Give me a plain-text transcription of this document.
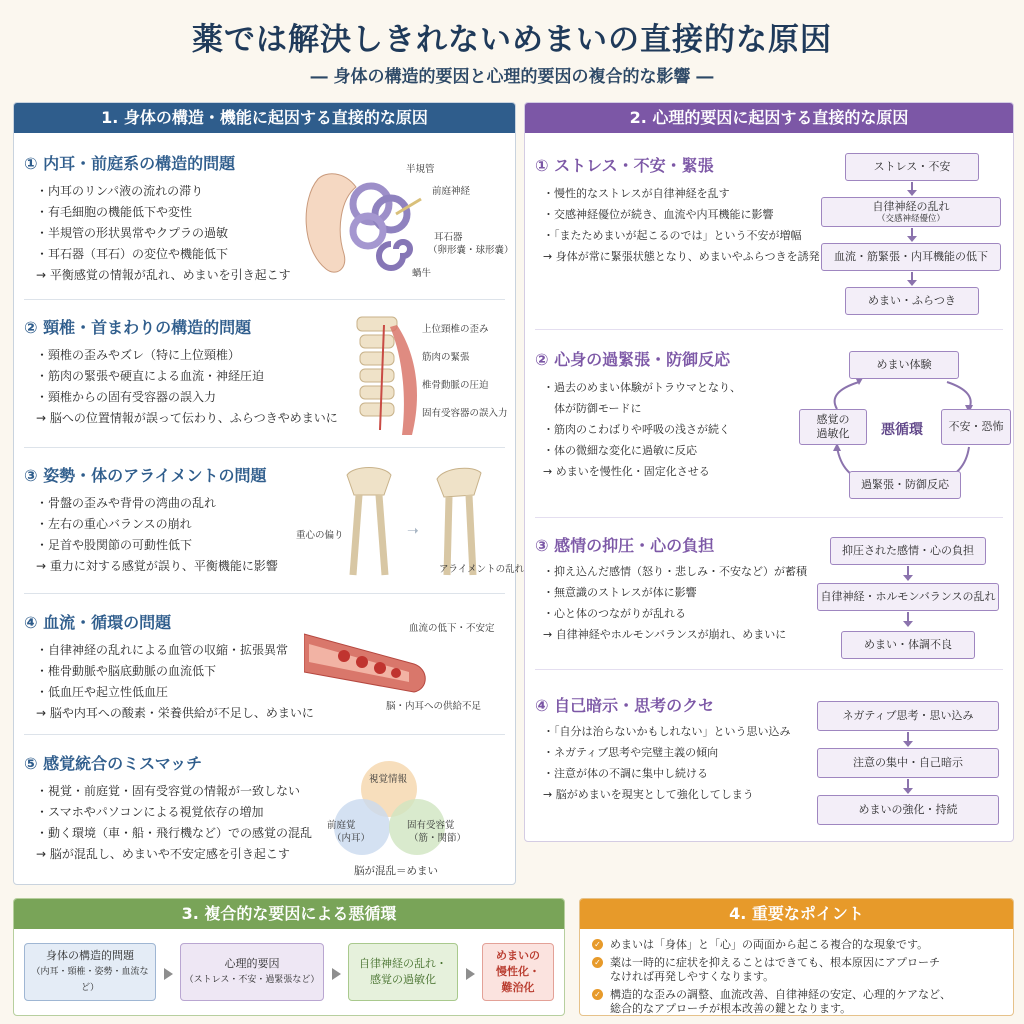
薬では解決しきれないめまいの直接的な原因
― 身体の構造的要因と心理的要因の複合的な影響 ―
1. 身体の構造・機能に起因する直接的な原因
① 内耳・前庭系の構造的問題
・内耳のリンパ液の流れの滞り
・有毛細胞の機能低下や変性
・半規管の形状異常やクプラの過敏
・耳石器（耳石）の変位や機能低下
→ 平衡感覚の情報が乱れ、めまいを引き起こす
半規管
前庭神経
耳石器
（卵形嚢・球形嚢）
蝸牛
② 頸椎・首まわりの構造的問題
・頸椎の歪みやズレ（特に上位頸椎）
・筋肉の緊張や硬直による血流・神経圧迫
・頸椎からの固有受容器の誤入力
→ 脳への位置情報が誤って伝わり、ふらつきやめまいに
上位頸椎の歪み
筋肉の緊張
椎骨動脈の圧迫
固有受容器の誤入力
③ 姿勢・体のアライメントの問題
・骨盤の歪みや背骨の湾曲の乱れ
・左右の重心バランスの崩れ
・足首や股関節の可動性低下
→ 重力に対する感覚が誤り、平衡機能に影響
➝
重心の偏り
アライメントの乱れ
④ 血流・循環の問題
・自律神経の乱れによる血管の収縮・拡張異常
・椎骨動脈や脳底動脈の血流低下
・低血圧や起立性低血圧
→ 脳や内耳への酸素・栄養供給が不足し、めまいに
血流の低下・不安定
脳・内耳への供給不足
⑤ 感覚統合のミスマッチ
・視覚・前庭覚・固有受容覚の情報が一致しない
・スマホやパソコンによる視覚依存の増加
・動く環境（車・船・飛行機など）での感覚の混乱
→ 脳が混乱し、めまいや不安定感を引き起こす
視覚情報
前庭覚
（内耳）
固有受容覚
（筋・関節）
脳が混乱＝めまい
2. 心理的要因に起因する直接的な原因
① ストレス・不安・緊張
・慢性的なストレスが自律神経を乱す
・交感神経優位が続き、血流や内耳機能に影響
・「またためまいが起こるのでは」という不安が増幅
→ 身体が常に緊張状態となり、めまいやふらつきを誘発
ストレス・不安
自律神経の乱れ
（交感神経優位）
血流・筋緊張・内耳機能の低下
めまい・ふらつき
② 心身の過緊張・防御反応
・過去のめまい体験がトラウマとなり、
　体が防御モードに
・筋肉のこわばりや呼吸の浅さが続く
・体の微細な変化に過敏に反応
→ めまいを慢性化・固定化させる
めまい体験
感覚の
過敏化	悪循環	不安・恐怖
過緊張・防御反応
③ 感情の抑圧・心の負担
・抑え込んだ感情（怒り・悲しみ・不安など）が蓄積
・無意識のストレスが体に影響
・心と体のつながりが乱れる
→ 自律神経やホルモンバランスが崩れ、めまいに
抑圧された感情・心の負担
自律神経・ホルモンバランスの乱れ
めまい・体調不良
④ 自己暗示・思考のクセ
・「自分は治らないかもしれない」という思い込み
・ネガティブ思考や完璧主義の傾向
・注意が体の不調に集中し続ける
→ 脳がめまいを現実として強化してしまう
ネガティブ思考・思い込み
注意の集中・自己暗示
めまいの強化・持続
3. 複合的な要因による悪循環
身体の構造的問題
（内耳・頸椎・姿勢・血流など）
心理的要因
（ストレス・不安・過緊張など）
自律神経の乱れ・
感覚の過敏化
めまいの
慢性化・
難治化
4. 重要なポイント
✓ めまいは「身体」と「心」の両面から起こる複合的な現象です。
✓ 薬は一時的に症状を抑えることはできても、根本原因にアプローチ
なければ再発しやすくなります。
✓ 構造的な歪みの調整、血流改善、自律神経の安定、心理的ケアなど、
総合的なアプローチが根本改善の鍵となります。
